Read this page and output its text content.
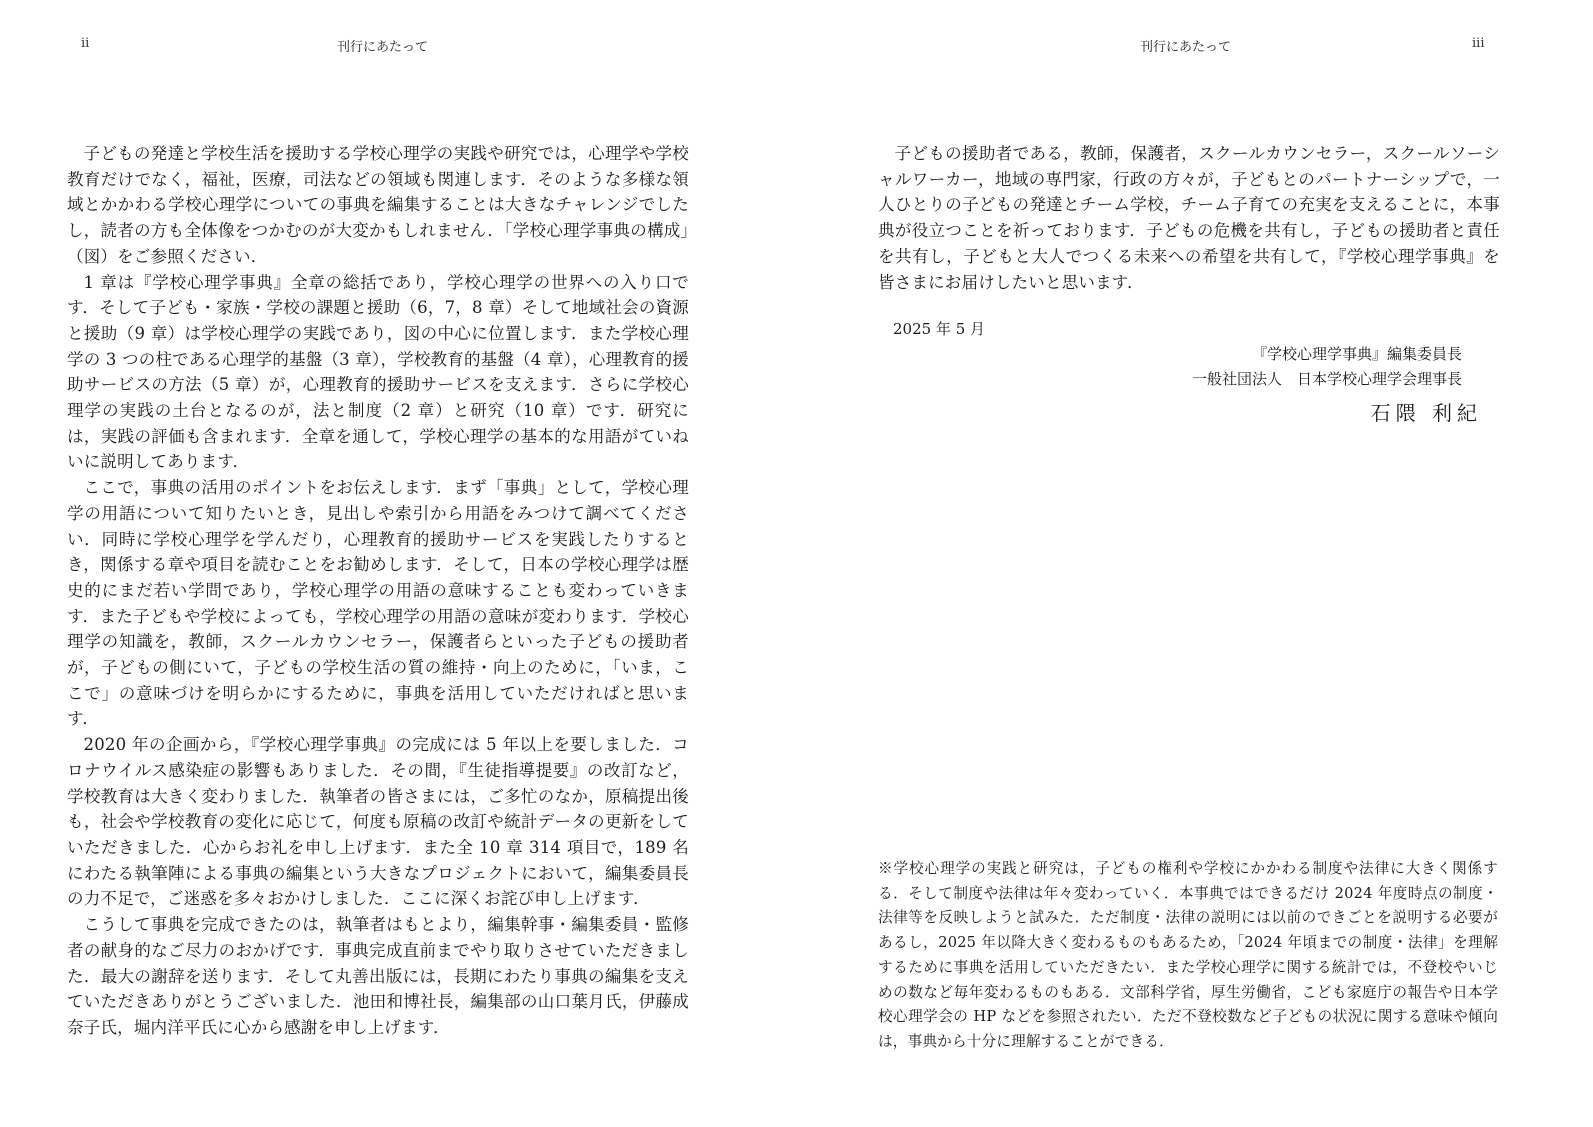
ii	刊行にあたって

子どもの発達と学校生活を援助する学校心理学の実践や研究では，心理学や学校教育だけでなく，福祉，医療，司法などの領域も関連します．そのような多様な領域とかかわる学校心理学についての事典を編集することは大きなチャレンジでしたし，読者の方も全体像をつかむのが大変かもしれません．「学校心理学事典の構成」（図）をご参照ください．

1 章は『学校心理学事典』全章の総括であり，学校心理学の世界への入り口です．そして子ども・家族・学校の課題と援助（6，7，8 章）そして地域社会の資源と援助（9 章）は学校心理学の実践であり，図の中心に位置します．また学校心理学の 3 つの柱である心理学的基盤（3 章），学校教育的基盤（4 章），心理教育的援助サービスの方法（5 章）が，心理教育的援助サービスを支えます．さらに学校心理学の実践の土台となるのが，法と制度（2 章）と研究（10 章）です．研究には，実践の評価も含まれます．全章を通して，学校心理学の基本的な用語がていねいに説明してあります．

ここで，事典の活用のポイントをお伝えします．まず「事典」として，学校心理学の用語について知りたいとき，見出しや索引から用語をみつけて調べてください．同時に学校心理学を学んだり，心理教育的援助サービスを実践したりするとき，関係する章や項目を読むことをお勧めします．そして，日本の学校心理学は歴史的にまだ若い学問であり，学校心理学の用語の意味することも変わっていきます．また子どもや学校によっても，学校心理学の用語の意味が変わります．学校心理学の知識を，教師，スクールカウンセラー，保護者らといった子どもの援助者が，子どもの側にいて，子どもの学校生活の質の維持・向上のために，「いま，ここで」の意味づけを明らかにするために，事典を活用していただければと思います．

2020 年の企画から，『学校心理学事典』の完成には 5 年以上を要しました．コロナウイルス感染症の影響もありました．その間，『生徒指導提要』の改訂など，学校教育は大きく変わりました．執筆者の皆さまには，ご多忙のなか，原稿提出後も，社会や学校教育の変化に応じて，何度も原稿の改訂や統計データの更新をしていただきました．心からお礼を申し上げます．また全 10 章 314 項目で，189 名にわたる執筆陣による事典の編集という大きなプロジェクトにおいて，編集委員長の力不足で，ご迷惑を多々おかけしました．ここに深くお詫び申し上げます．

こうして事典を完成できたのは，執筆者はもとより，編集幹事・編集委員・監修者の献身的なご尽力のおかげです．事典完成直前までやり取りさせていただきました．最大の謝辞を送ります．そして丸善出版には，長期にわたり事典の編集を支えていただきありがとうございました．池田和博社長，編集部の山口葉月氏，伊藤成奈子氏，堀内洋平氏に心から感謝を申し上げます．

刊行にあたって	iii

子どもの援助者である，教師，保護者，スクールカウンセラー，スクールソーシャルワーカー，地域の専門家，行政の方々が，子どもとのパートナーシップで，一人ひとりの子どもの発達とチーム学校，チーム子育ての充実を支えることに，本事典が役立つことを祈っております．子どもの危機を共有し，子どもの援助者と責任を共有し，子どもと大人でつくる未来への希望を共有して，『学校心理学事典』を皆さまにお届けしたいと思います．

2025 年 5 月
『学校心理学事典』編集委員長
一般社団法人　日本学校心理学会理事長
石隈 利紀

※学校心理学の実践と研究は，子どもの権利や学校にかかわる制度や法律に大きく関係する．そして制度や法律は年々変わっていく．本事典ではできるだけ 2024 年度時点の制度・法律等を反映しようと試みた．ただ制度・法律の説明には以前のできごとを説明する必要があるし，2025 年以降大きく変わるものもあるため，「2024 年頃までの制度・法律」を理解するために事典を活用していただきたい．また学校心理学に関する統計では，不登校やいじめの数など毎年変わるものもある．文部科学省，厚生労働省，こども家庭庁の報告や日本学校心理学会の HP などを参照されたい．ただ不登校数など子どもの状況に関する意味や傾向は，事典から十分に理解することができる．
